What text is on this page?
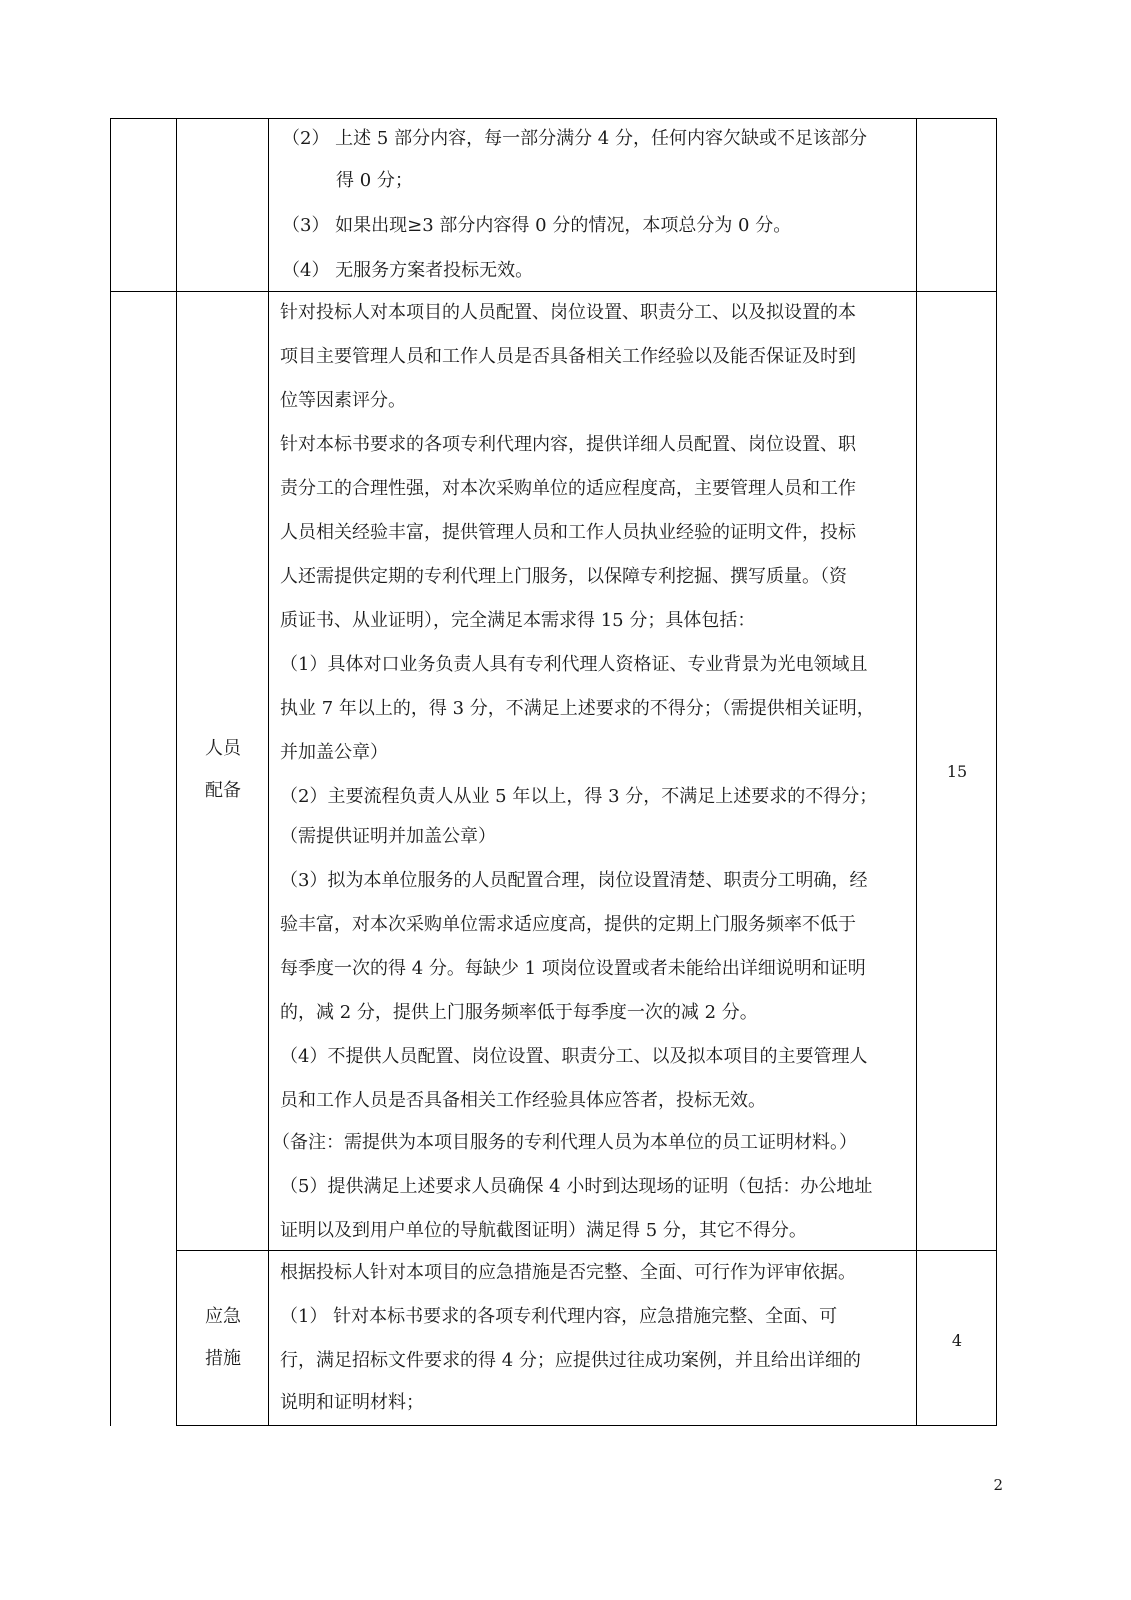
（2） 上述 5 部分内容，每一部分满分 4 分，任何内容欠缺或不足该部分
得 0 分；
（3） 如果出现≥3 部分内容得 0 分的情况，本项总分为 0 分。
（4） 无服务方案者投标无效。
人员
配备
15
针对投标人对本项目的人员配置、岗位设置、职责分工、以及拟设置的本
项目主要管理人员和工作人员是否具备相关工作经验以及能否保证及时到
位等因素评分。
针对本标书要求的各项专利代理内容，提供详细人员配置、岗位设置、职
责分工的合理性强，对本次采购单位的适应程度高，主要管理人员和工作
人员相关经验丰富，提供管理人员和工作人员执业经验的证明文件，投标
人还需提供定期的专利代理上门服务，以保障专利挖掘、撰写质量。（资
质证书、从业证明），完全满足本需求得 15 分；具体包括：
（1）具体对口业务负责人具有专利代理人资格证、专业背景为光电领域且
执业 7 年以上的，得 3 分，不满足上述要求的不得分；（需提供相关证明，
并加盖公章）
（2）主要流程负责人从业 5 年以上，得 3 分，不满足上述要求的不得分；
（需提供证明并加盖公章）
（3）拟为本单位服务的人员配置合理，岗位设置清楚、职责分工明确，经
验丰富，对本次采购单位需求适应度高，提供的定期上门服务频率不低于
每季度一次的得 4 分。每缺少 1 项岗位设置或者未能给出详细说明和证明
的，减 2 分，提供上门服务频率低于每季度一次的减 2 分。
（4）不提供人员配置、岗位设置、职责分工、以及拟本项目的主要管理人
员和工作人员是否具备相关工作经验具体应答者，投标无效。
（备注：需提供为本项目服务的专利代理人员为本单位的员工证明材料。）
（5）提供满足上述要求人员确保 4 小时到达现场的证明（包括：办公地址
证明以及到用户单位的导航截图证明）满足得 5 分，其它不得分。
应急
措施
4
根据投标人针对本项目的应急措施是否完整、全面、可行作为评审依据。
（1） 针对本标书要求的各项专利代理内容，应急措施完整、全面、可
行，满足招标文件要求的得 4 分；应提供过往成功案例，并且给出详细的
说明和证明材料；
2
